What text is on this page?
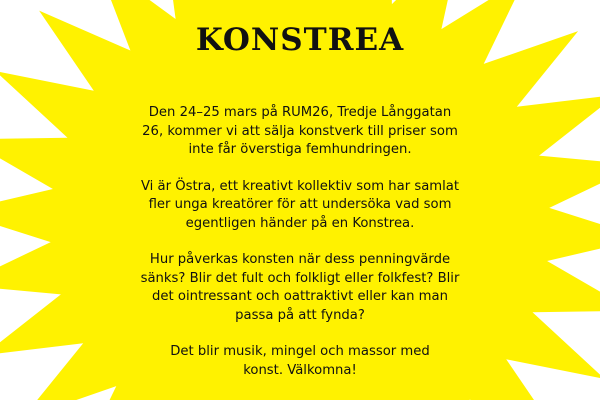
KONSTREA

Den 24–25 mars på RUM26, Tredje Långgatan
26, kommer vi att sälja konstverk till priser som
inte får överstiga femhundringen.

Vi är Östra, ett kreativt kollektiv som har samlat
fler unga kreatörer för att undersöka vad som
egentligen händer på en Konstrea.

Hur påverkas konsten när dess penningvärde
sänks? Blir det fult och folkligt eller folkfest? Blir
det ointressant och oattraktivt eller kan man
passa på att fynda?

Det blir musik, mingel och massor med
konst. Välkomna!
